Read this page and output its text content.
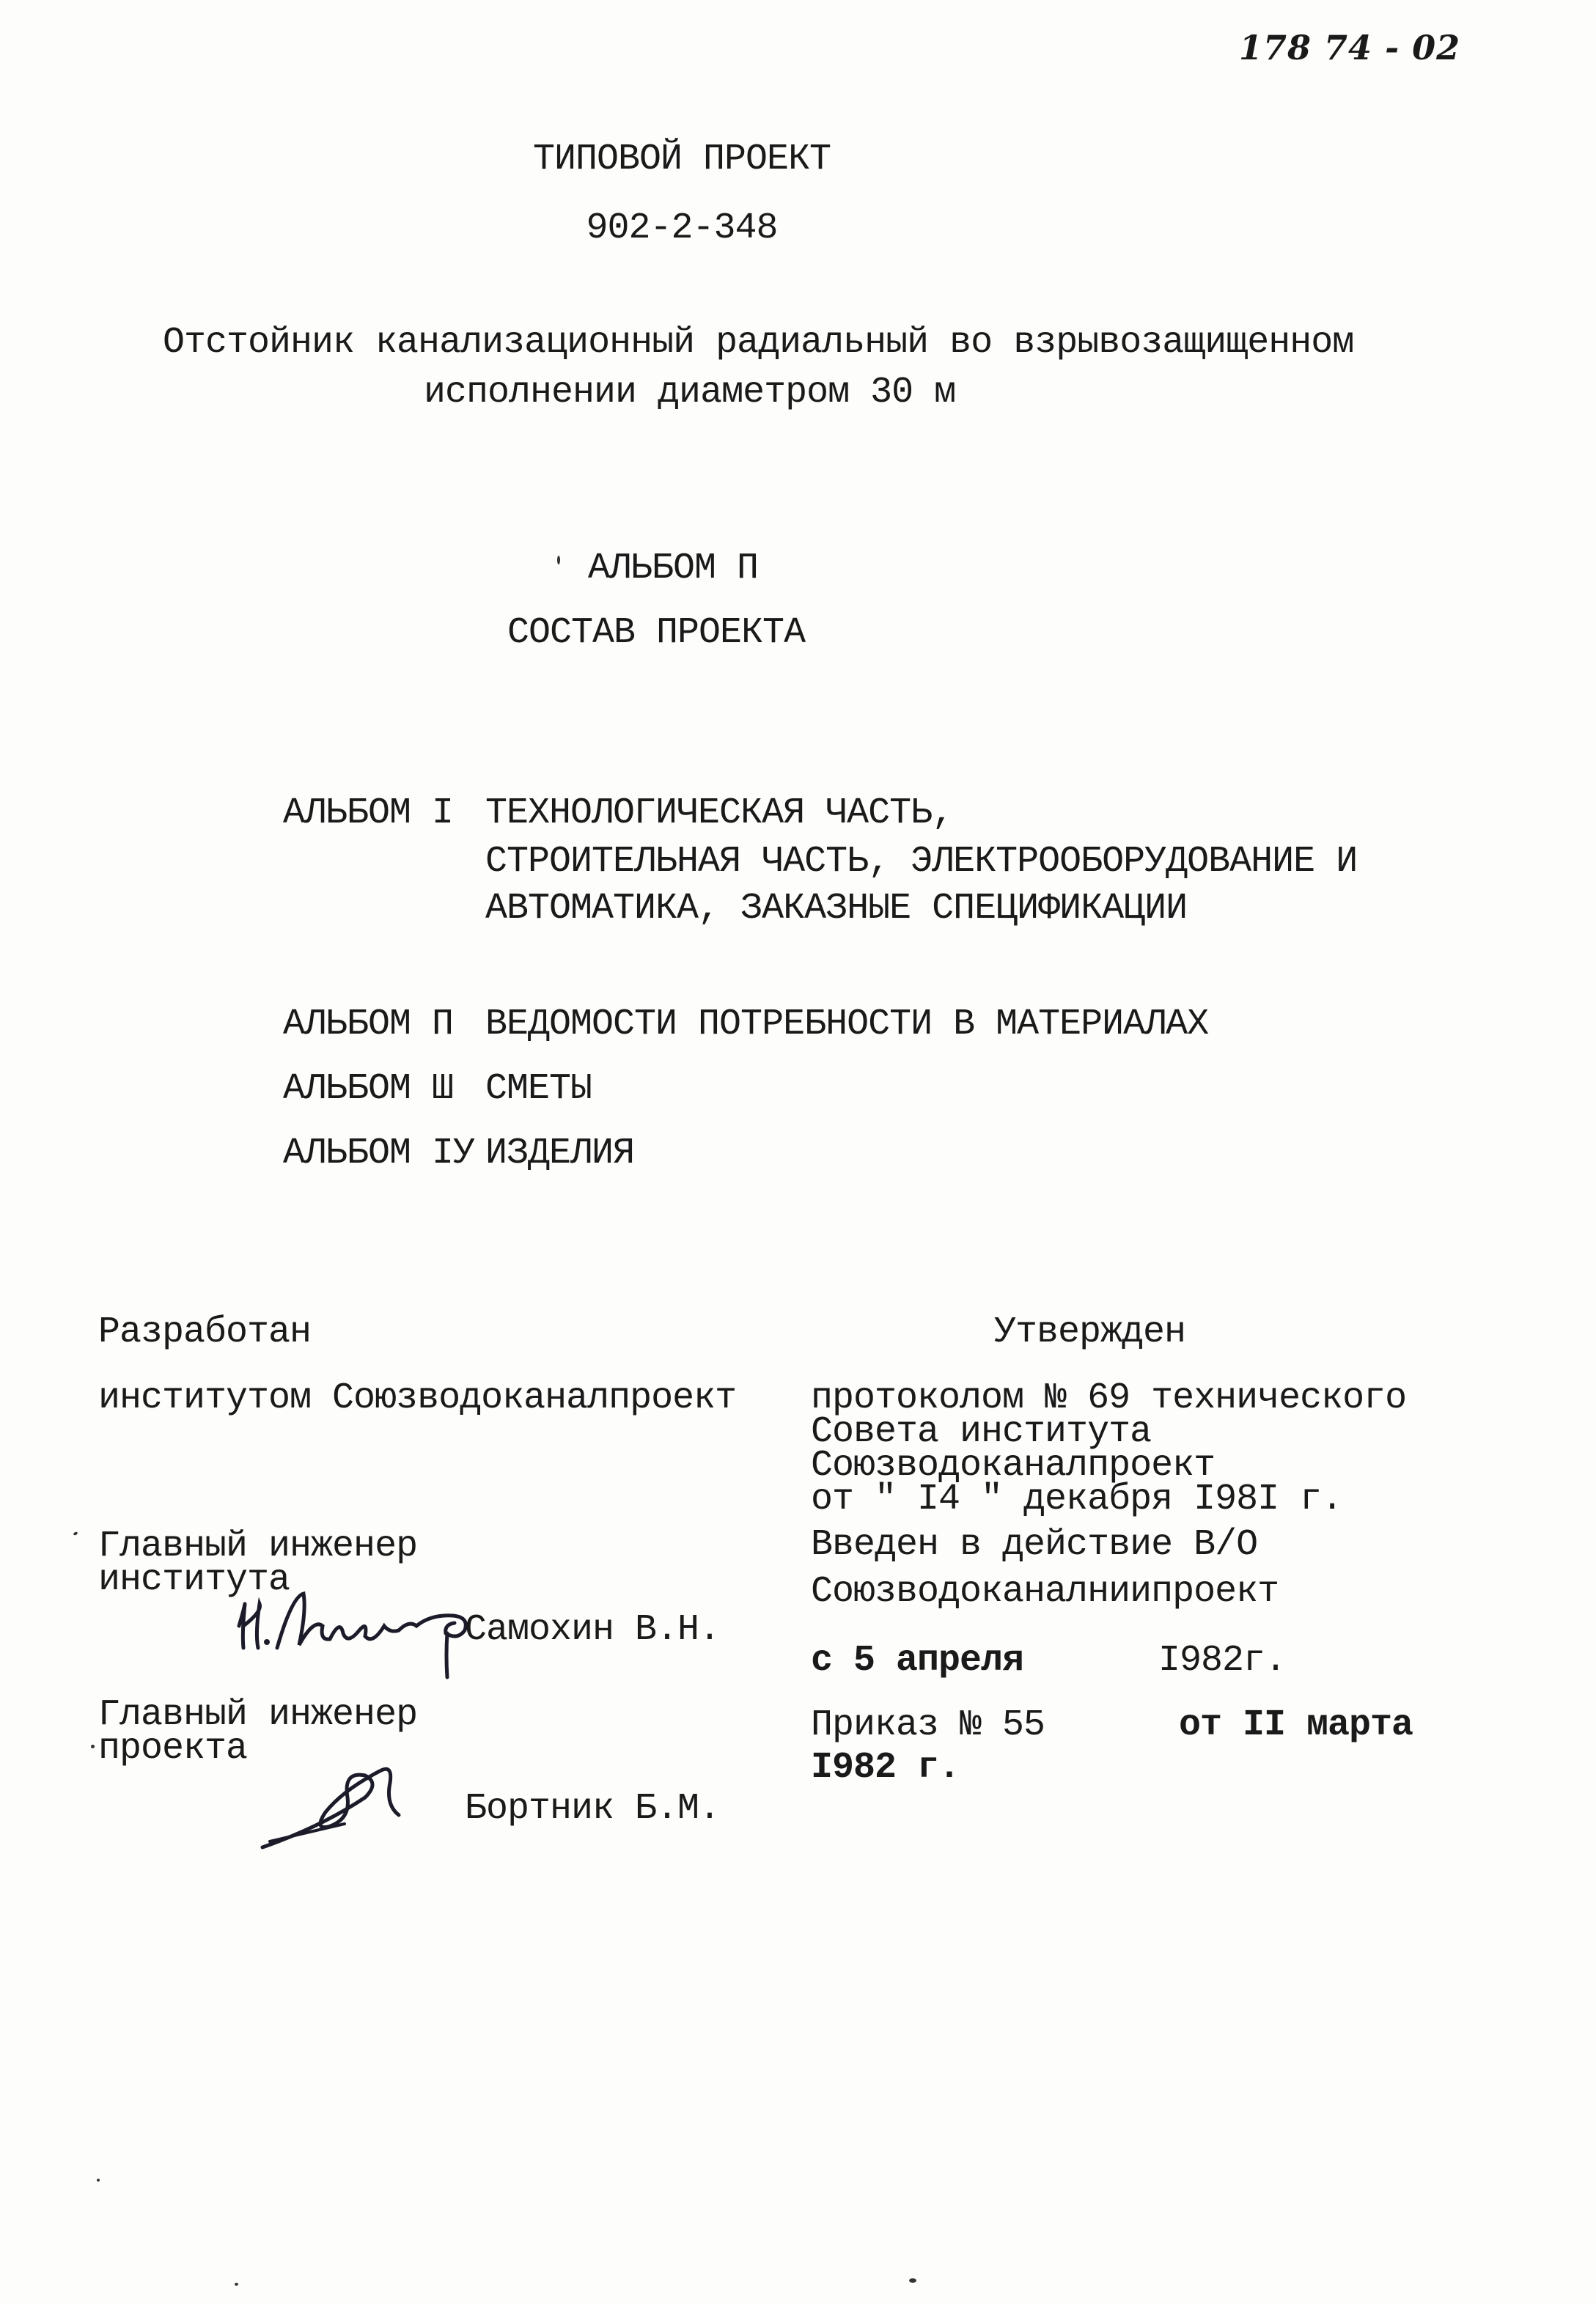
178 74 - 02
ТИПОВОЙ ПРОЕКТ
902-2-348
Отстойник канализационный радиальный во взрывозащищенном
исполнении диаметром 30 м
АЛЬБОМ П
СОСТАВ ПРОЕКТА
АЛЬБОМ I ТЕХНОЛОГИЧЕСКАЯ ЧАСТЬ,
СТРОИТЕЛЬНАЯ ЧАСТЬ, ЭЛЕКТРООБОРУДОВАНИЕ И
АВТОМАТИКА, ЗАКАЗНЫЕ СПЕЦИФИКАЦИИ
АЛЬБОМ П ВЕДОМОСТИ ПОТРЕБНОСТИ В МАТЕРИАЛАХ
АЛЬБОМ Ш СМЕТЫ
АЛЬБОМ IУ ИЗДЕЛИЯ
Разработан
институтом Союзводоканалпроект
Главный инженер
института
Самохин В.Н.
Главный инженер
проекта
Бортник Б.М.
Утвержден
протоколом № 69 технического
Совета института
Союзводоканалпроект
от " I4 " декабря I98I г.
Введен в действие В/О
Союзводоканалниипроект
с 5 апреля	I982г.
Приказ № 55	от II марта
I982 г.
